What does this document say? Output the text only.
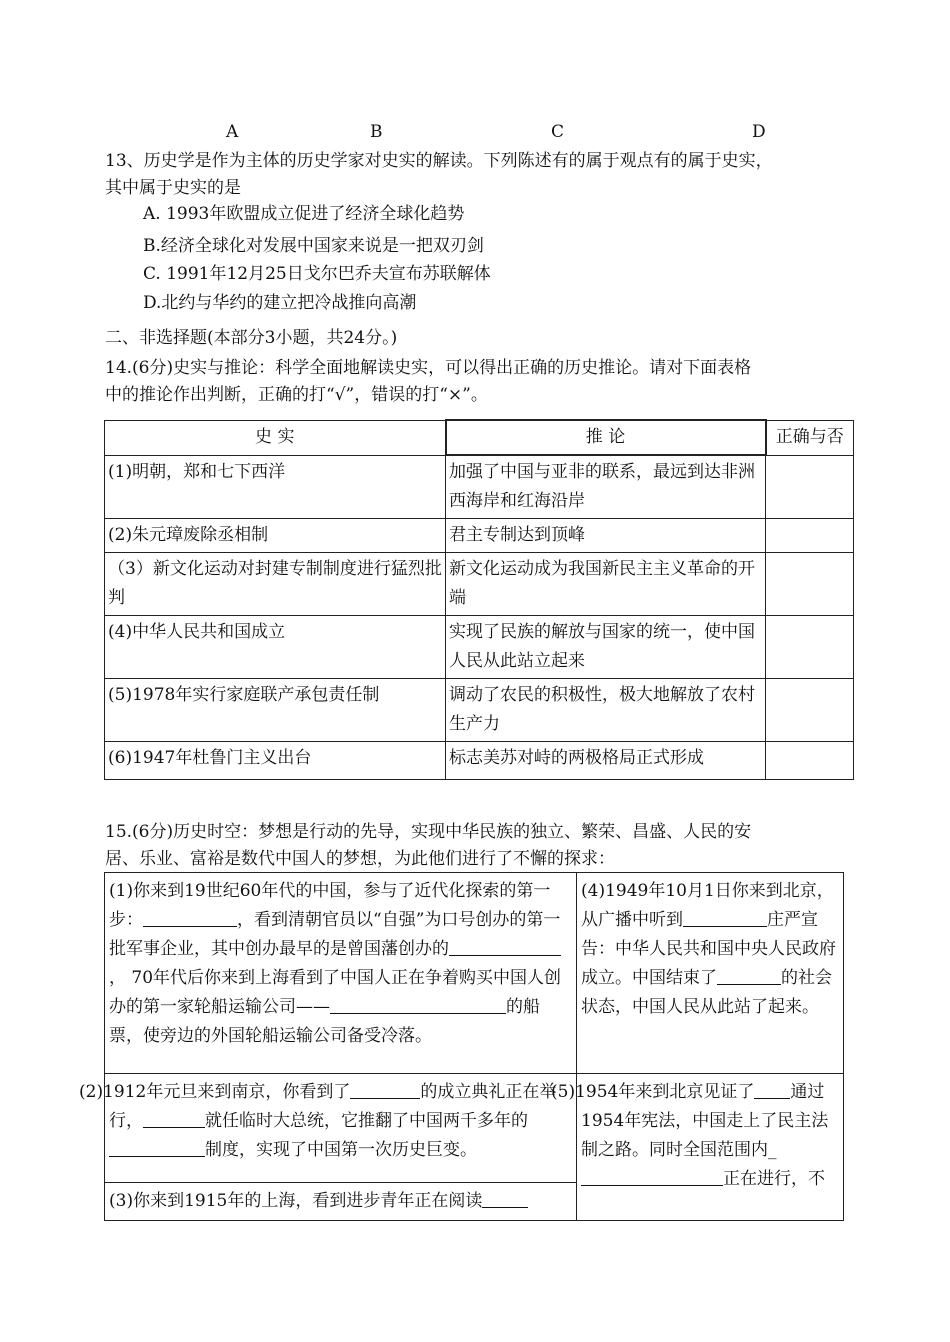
A	B	C	D
13、历史学是作为主体的历史学家对史实的解读。下列陈述有的属于观点有的属于史实，
其中属于史实的是
A. 1993年欧盟成立促进了经济全球化趋势
B.经济全球化对发展中国家来说是一把双刃剑
C. 1991年12月25日戈尔巴乔夫宣布苏联解体
D.北约与华约的建立把冷战推向高潮
二、非选择题(本部分3小题，共24分。)
14.(6分)史实与推论：科学全面地解读史实，可以得出正确的历史推论。请对下面表格
中的推论作出判断，正确的打“√”，错误的打“×”。
史 实	推 论	正确与否
(1)明朝，郑和七下西洋	加强了中国与亚非的联系，最远到达非洲西海岸和红海沿岸	
(2)朱元璋废除丞相制	君主专制达到顶峰	
（3）新文化运动对封建专制制度进行猛烈批判	新文化运动成为我国新民主主义革命的开端	
(4)中华人民共和国成立	实现了民族的解放与国家的统一，使中国人民从此站立起来	
(5)1978年实行家庭联产承包责任制	调动了农民的积极性，极大地解放了农村生产力	
(6)1947年杜鲁门主义出台	标志美苏对峙的两极格局正式形成	
15.(6分)历史时空：梦想是行动的先导，实现中华民族的独立、繁荣、昌盛、人民的安
居、乐业、富裕是数代中国人的梦想，为此他们进行了不懈的探求：
(1)你来到19世纪60年代的中国，参与了近代化探索的第一步： ，看到清朝官员以“自强”为口号创办的第一批军事企业，其中创办最早的是曾国藩创办的， 70年代后你来到上海看到了中国人正在争着购买中国人创办的第一家轮船运输公司—— 的船票，使旁边的外国轮船运输公司备受冷落。	(4)1949年10月1日你来到北京，从广播中听到 庄严宣告：中华人民共和国中央人民政府成立。中国结束了 的社会状态，中国人民从此站了起来。
(2)1912年元旦来到南京，你看到了 的成立典礼正在举行， 就任临时大总统，它推翻了中国两千多年的制度，实现了中国第一次历史巨变。	(5)1954年来到北京见证了 通过1954年宪法，中国走上了民主法制之路。同时全国范围内_正在进行，不
(3)你来到1915年的上海，看到进步青年正在阅读	
